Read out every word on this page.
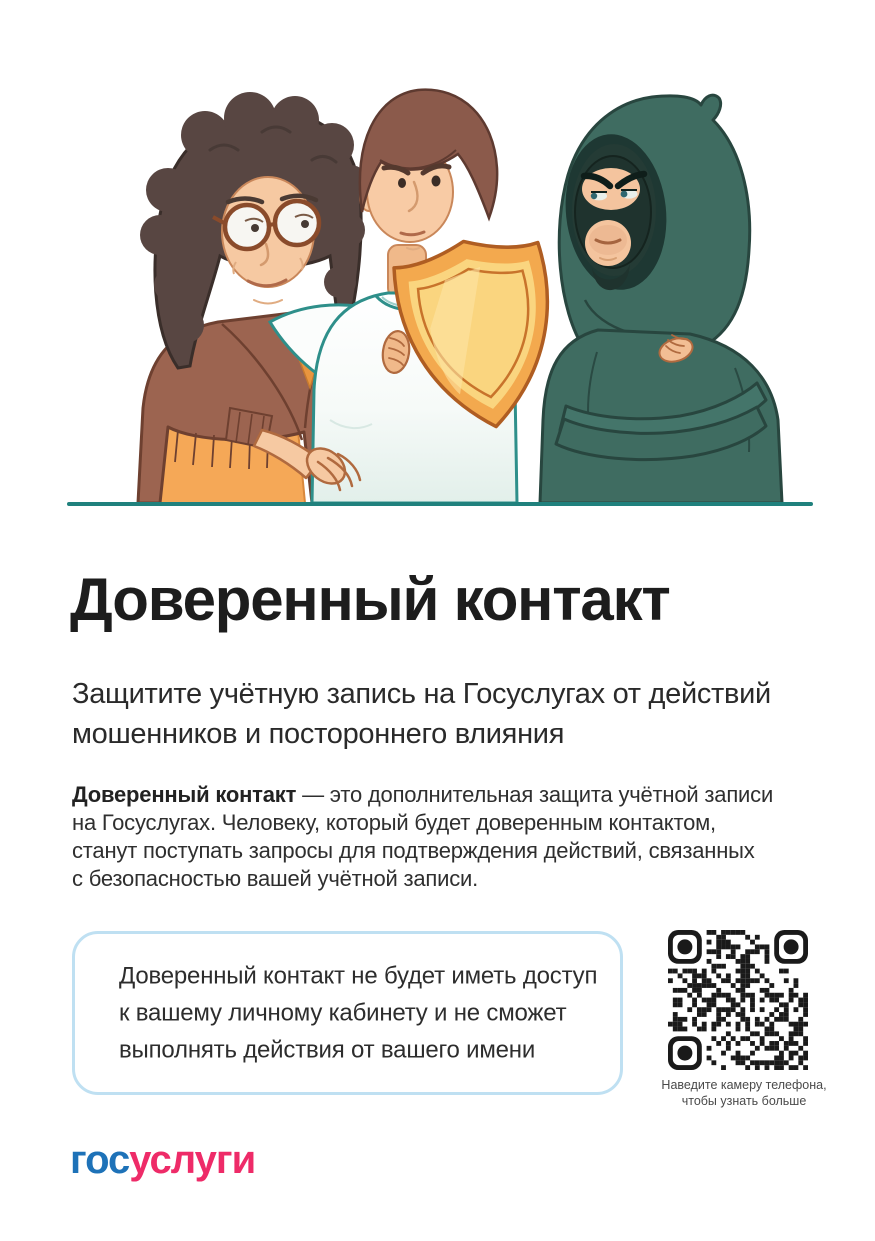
Доверенный контакт
Защитите учётную запись на Госуслугах от действий
мошенников и постороннего влияния
Доверенный контакт — это дополнительная защита учётной записи
на Госуслугах. Человеку, который будет доверенным контактом,
станут поступать запросы для подтверждения действий, связанных
с безопасностью вашей учётной записи.
Доверенный контакт не будет иметь доступ
к вашему личному кабинету и не сможет
выполнять действия от вашего имени
Наведите камеру телефона,
чтобы узнать больше
госуслуги
